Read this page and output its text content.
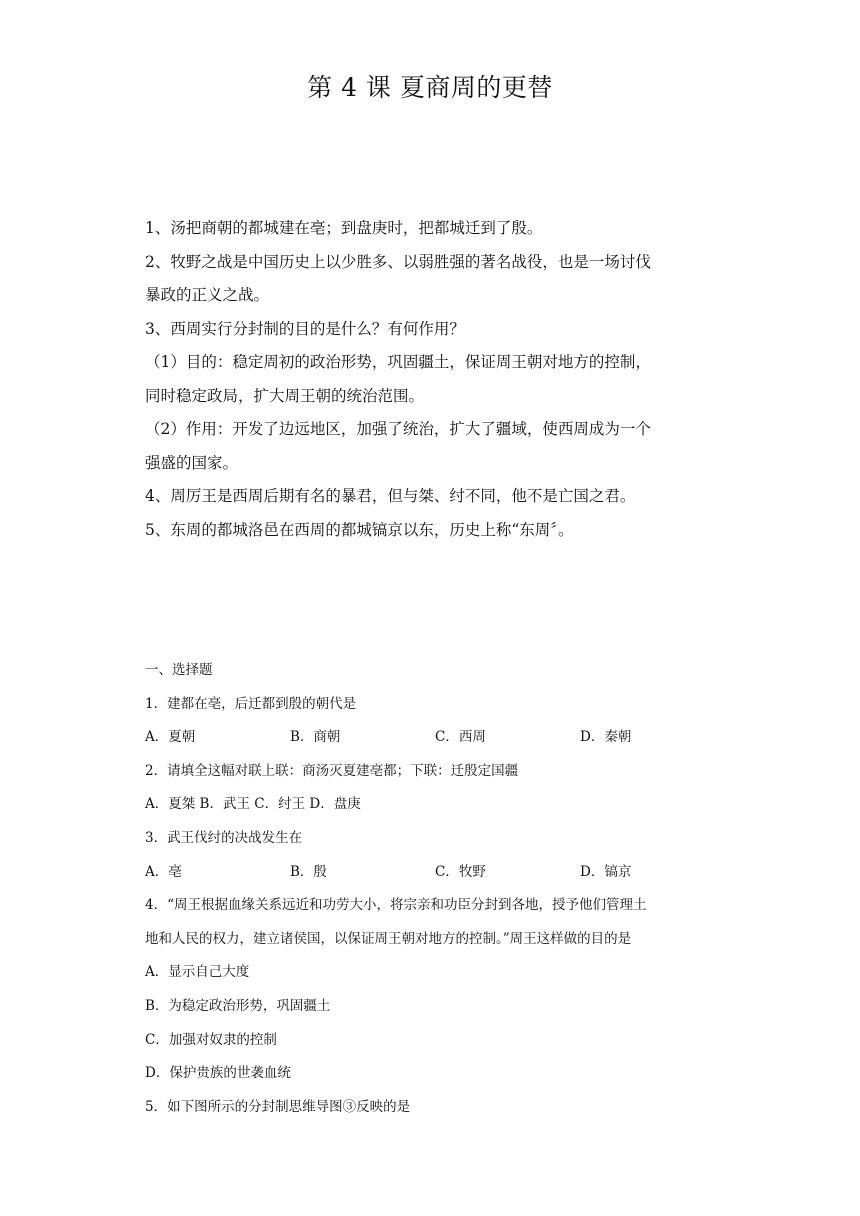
第 4 课 夏商周的更替

1、汤把商朝的都城建在亳；到盘庚时，把都城迁到了殷。

2、牧野之战是中国历史上以少胜多、以弱胜强的著名战役，也是一场讨伐

暴政的正义之战。

3、西周实行分封制的目的是什么？有何作用？

（1）目的：稳定周初的政治形势，巩固疆土，保证周王朝对地方的控制，

同时稳定政局，扩大周王朝的统治范围。

（2）作用：开发了边远地区，加强了统治，扩大了疆域，使西周成为一个

强盛的国家。

4、周厉王是西周后期有名的暴君，但与桀、纣不同，他不是亡国之君。

5、东周的都城洛邑在西周的都城镐京以东，历史上称“东周〞。

一、选择题

1．建都在亳，后迁都到殷的朝代是

A．夏朝	B．商朝	C．西周	D．秦朝

2．请填全这幅对联上联：商汤灭夏建亳都；下联：迁殷定国疆

A．夏桀 B．武王 C．纣王 D．盘庚

3．武王伐纣的决战发生在

A．亳	B．殷	C．牧野	D．镐京

4．“周王根据血缘关系远近和功劳大小，将宗亲和功臣分封到各地，授予他们管理土

地和人民的权力，建立诸侯国，以保证周王朝对地方的控制。”周王这样做的目的是

A．显示自己大度

B．为稳定政治形势，巩固疆土

C．加强对奴隶的控制

D．保护贵族的世袭血统

5．如下图所示的分封制思维导图③反映的是
